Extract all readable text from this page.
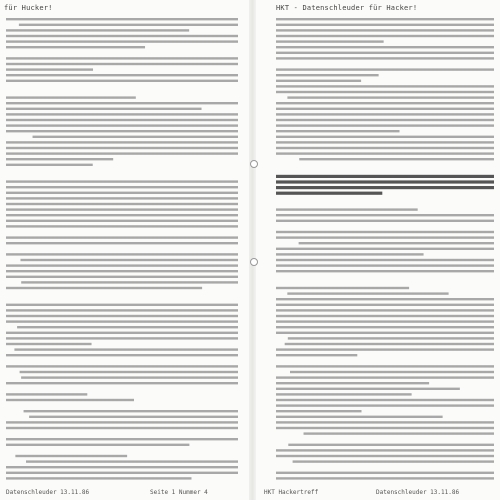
für Hucker!
Datenschleuder 13.11.86	Seite 1 Nummer 4
HKT - Datenschleuder für Hacker!
HKT Hackertreff	Datenschleuder 13.11.86
